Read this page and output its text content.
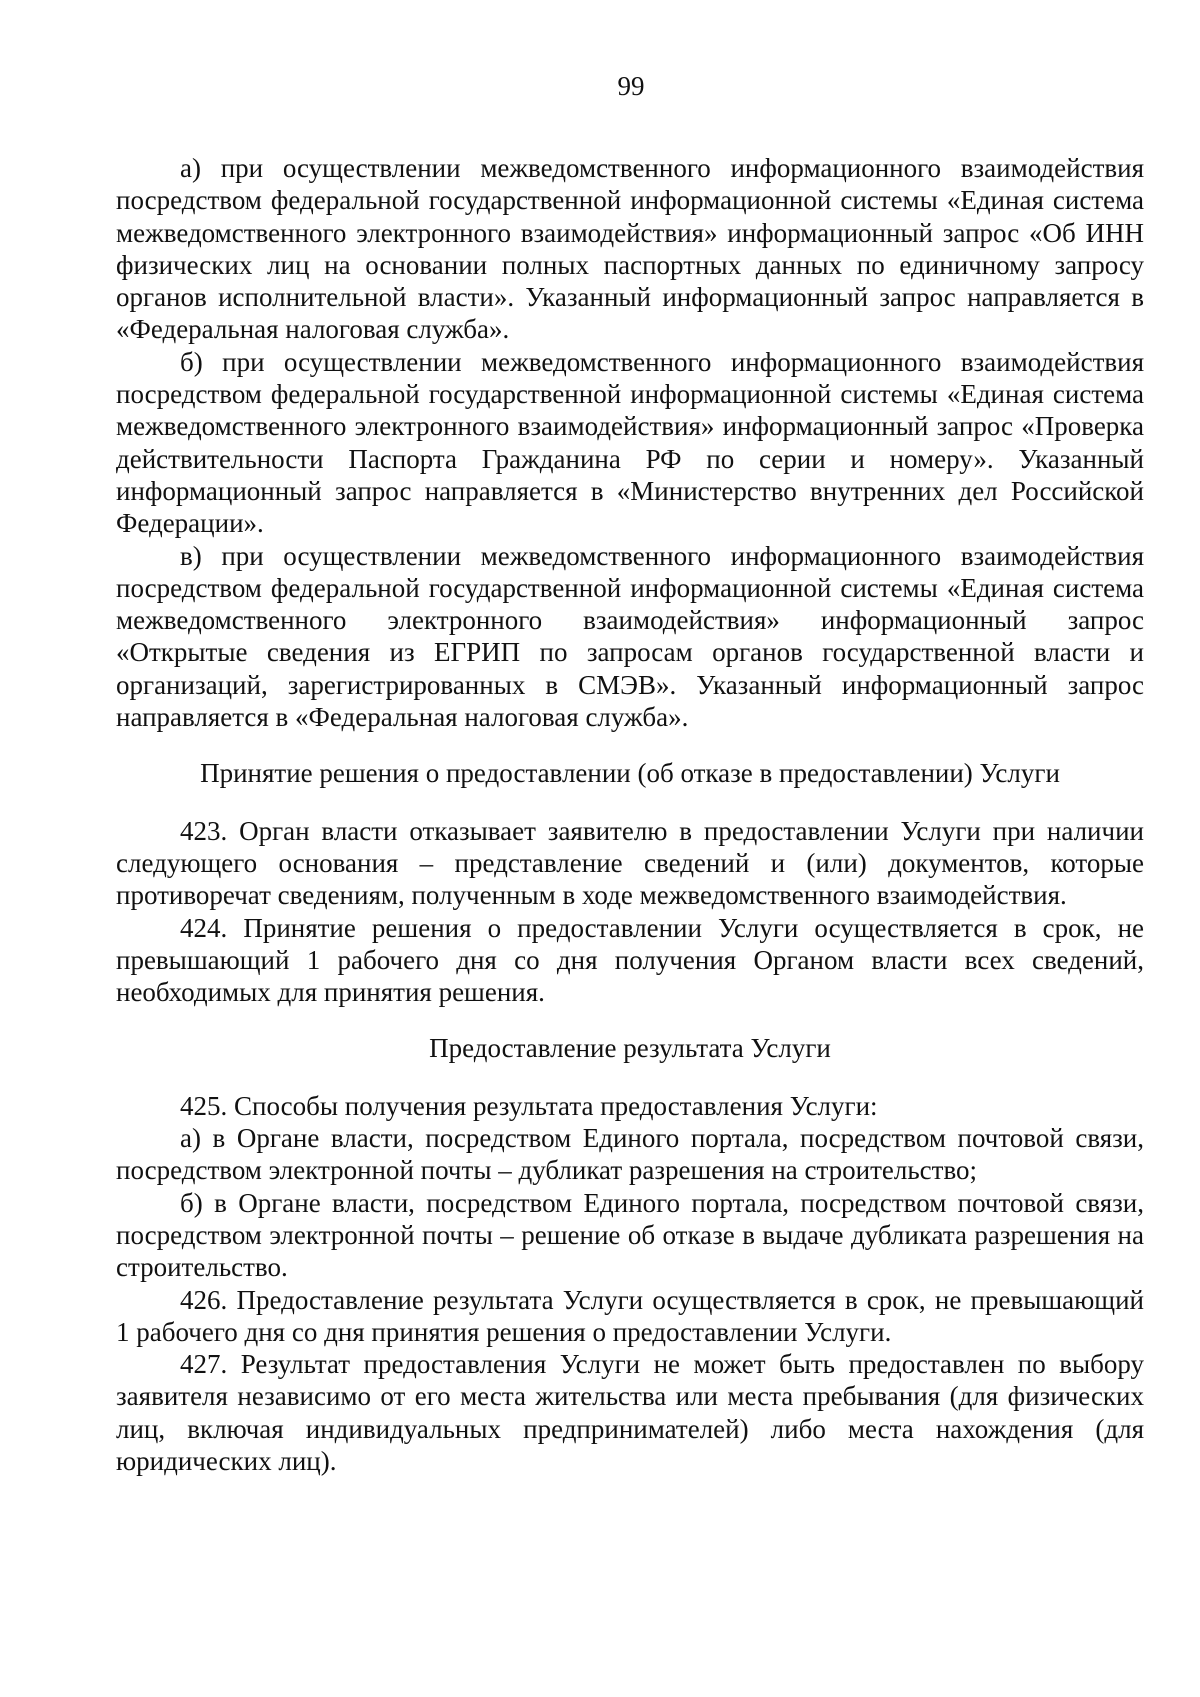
99

а) при осуществлении межведомственного информационного взаимодействия посредством федеральной государственной информационной системы «Единая система межведомственного электронного взаимодействия» информационный запрос «Об ИНН физических лиц на основании полных паспортных данных по единичному запросу органов исполнительной власти». Указанный информационный запрос направляется в «Федеральная налоговая служба».

б) при осуществлении межведомственного информационного взаимодействия посредством федеральной государственной информационной системы «Единая система межведомственного электронного взаимодействия» информационный запрос «Проверка действительности Паспорта Гражданина РФ по серии и номеру». Указанный информационный запрос направляется в «Министерство внутренних дел Российской Федерации».

в) при осуществлении межведомственного информационного взаимодействия посредством федеральной государственной информационной системы «Единая система межведомственного электронного взаимодействия» информационный запрос «Открытые сведения из ЕГРИП по запросам органов государственной власти и организаций, зарегистрированных в СМЭВ». Указанный информационный запрос направляется в «Федеральная налоговая служба».

Принятие решения о предоставлении (об отказе в предоставлении) Услуги

423. Орган власти отказывает заявителю в предоставлении Услуги при наличии следующего основания – представление сведений и (или) документов, которые противоречат сведениям, полученным в ходе межведомственного взаимодействия.

424. Принятие решения о предоставлении Услуги осуществляется в срок, не превышающий 1 рабочего дня со дня получения Органом власти всех сведений, необходимых для принятия решения.

Предоставление результата Услуги

425. Способы получения результата предоставления Услуги:

а) в Органе власти, посредством Единого портала, посредством почтовой связи, посредством электронной почты – дубликат разрешения на строительство;

б) в Органе власти, посредством Единого портала, посредством почтовой связи, посредством электронной почты – решение об отказе в выдаче дубликата разрешения на строительство.

426. Предоставление результата Услуги осуществляется в срок, не превышающий 1 рабочего дня со дня принятия решения о предоставлении Услуги.

427. Результат предоставления Услуги не может быть предоставлен по выбору заявителя независимо от его места жительства или места пребывания (для физических лиц, включая индивидуальных предпринимателей) либо места нахождения (для юридических лиц).
